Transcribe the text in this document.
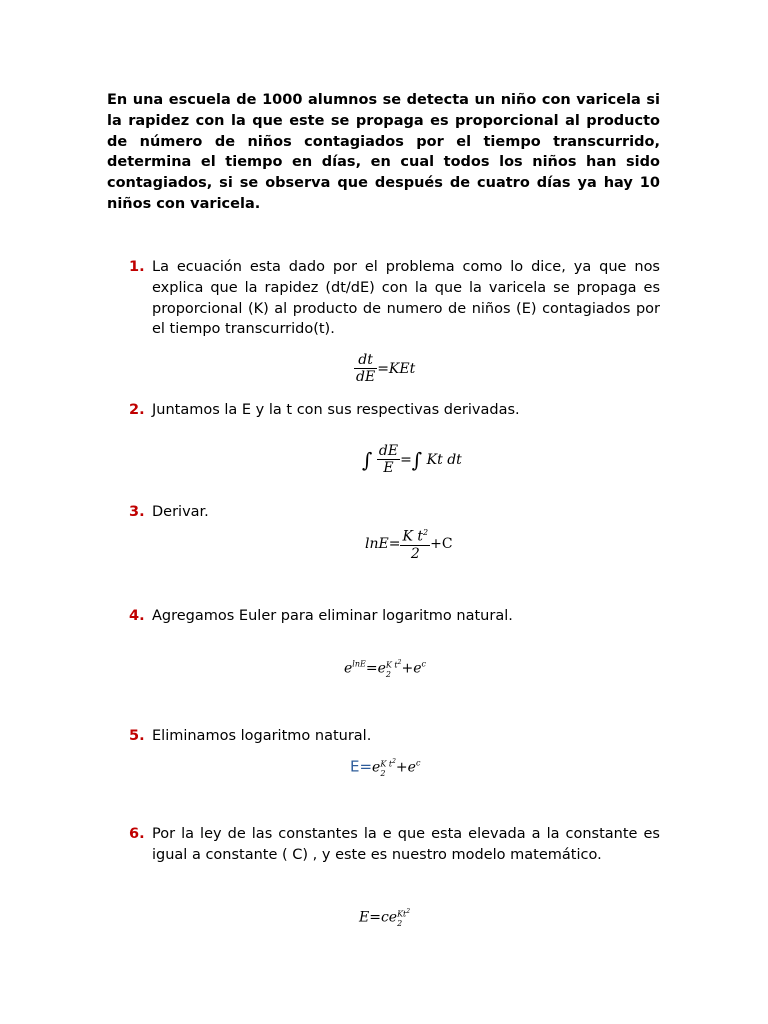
En una escuela de 1000 alumnos se detecta un niño con varicela si la rapidez con la que este se propaga es proporcional al producto de número de niños contagiados por el tiempo transcurrido, determina el tiempo en días, en cual todos los niños han sido contagiados, si se observa que después de cuatro días ya hay 10 niños con varicela.

1. La ecuación esta dado por el problema como lo dice, ya que nos explica que la rapidez (dt/dE) con la que la varicela se propaga es proporcional (K) al producto de numero de niños (E) contagiados por el tiempo transcurrido(t).
$\frac{dt}{dE} =KEt$
2. Juntamos la E y la t con sus respectivas derivadas.
∫ $\frac{dE}{E}$ =∫ Kt dt
3. Derivar.
$\ln E= \frac{K t^2}{2} +C$
4. Agregamos Euler para eliminar logaritmo natural.
$e^{lnE}=e$ K $t^2$
$2 +e^c$
5. Eliminamos logaritmo natural.
E=e K $t^2$
$2 +e^c$
6. Por la ley de las constantes la e que esta elevada a la constante es igual a constante ( C) , y este es nuestro modelo matemático.
E=ce Kt$^2$
2
